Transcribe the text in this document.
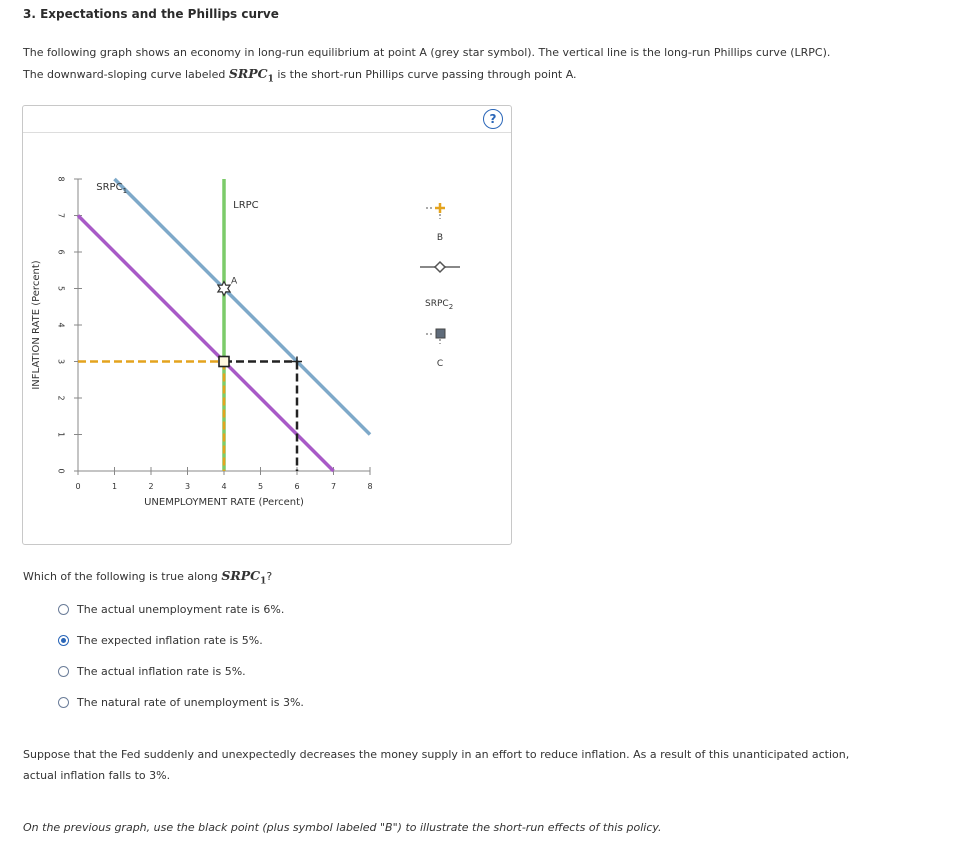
3. Expectations and the Phillips curve
The following graph shows an economy in long-run equilibrium at point A (grey star symbol). The vertical line is the long-run Phillips curve (LRPC).
The downward-sloping curve labeled $SRPC_1$ is the short-run Phillips curve passing through point A.
?
0	1	2	3	4	5	6	7	8
0
1
2
3
4
5
6
7
8
UNEMPLOYMENT RATE (Percent)
INFLATION RATE (Percent)
$SRPC_1$
LRPC
A
B
$SRPC_2$
C
Which of the following is true along $SRPC_1$?
The actual unemployment rate is 6%.
The expected inflation rate is 5%.
The actual inflation rate is 5%.
The natural rate of unemployment is 3%.
Suppose that the Fed suddenly and unexpectedly decreases the money supply in an effort to reduce inflation. As a result of this unanticipated action,
actual inflation falls to 3%.
On the previous graph, use the black point (plus symbol labeled "B") to illustrate the short-run effects of this policy.
